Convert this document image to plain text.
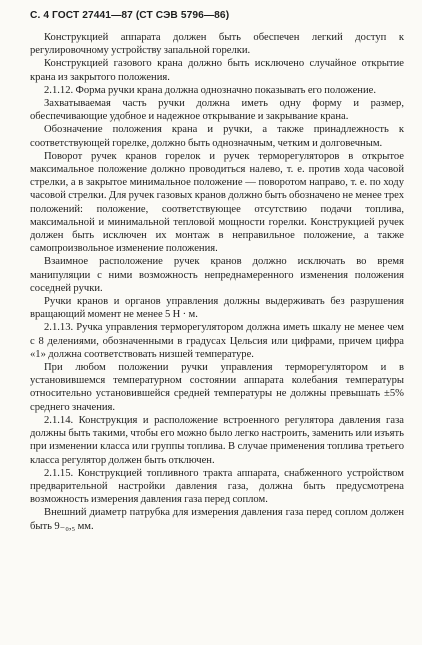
С. 4 ГОСТ 27441—87 (СТ СЭВ 5796—86)

Конструкцией аппарата должен быть обеспечен легкий доступ к регулировочному устройству запальной горелки.

Конструкцией газового крана должно быть исключено случайное открытие крана из закрытого положения.

2.1.12. Форма ручки крана должна однозначно показывать его положение.

Захватываемая часть ручки должна иметь одну форму и размер, обеспечивающие удобное и надежное открывание и закрывание крана.

Обозначение положения крана и ручки, а также принадлежность к соответствующей горелке, должно быть однозначным, четким и долговечным.

Поворот ручек кранов горелок и ручек терморегуляторов в открытое максимальное положение должно проводиться налево, т. е. против хода часовой стрелки, а в закрытое минимальное положение — поворотом направо, т. е. по ходу часовой стрелки. Для ручек газовых кранов должно быть обозначено не менее трех положений: положение, соответствующее отсутствию подачи топлива, максимальной и минимальной тепловой мощности горелки. Конструкцией ручек должен быть исключен их монтаж в неправильное положение, а также самопроизвольное изменение положения.

Взаимное расположение ручек кранов должно исключать во время манипуляции с ними возможность непреднамеренного изменения положения соседней ручки.

Ручки кранов и органов управления должны выдерживать без разрушения вращающий момент не менее 5 Н · м.

2.1.13. Ручка управления терморегулятором должна иметь шкалу не менее чем с 8 делениями, обозначенными в градусах Цельсия или цифрами, причем цифра «1» должна соответствовать низшей температуре.

При любом положении ручки управления терморегулятором и в установившемся температурном состоянии аппарата колебания температуры относительно установившейся средней температуры не должны превышать ±5% среднего значения.

2.1.14. Конструкция и расположение встроенного регулятора давления газа должны быть такими, чтобы его можно было легко настроить, заменить или изъять при изменении класса или группы топлива. В случае применения топлива третьего класса регулятор должен быть отключен.

2.1.15. Конструкцией топливного тракта аппарата, снабженного устройством предварительной настройки давления газа, должна быть предусмотрена возможность измерения давления газа перед соплом.

Внешний диаметр патрубка для измерения давления газа перед соплом должен быть 9₋₀,₅ мм.
